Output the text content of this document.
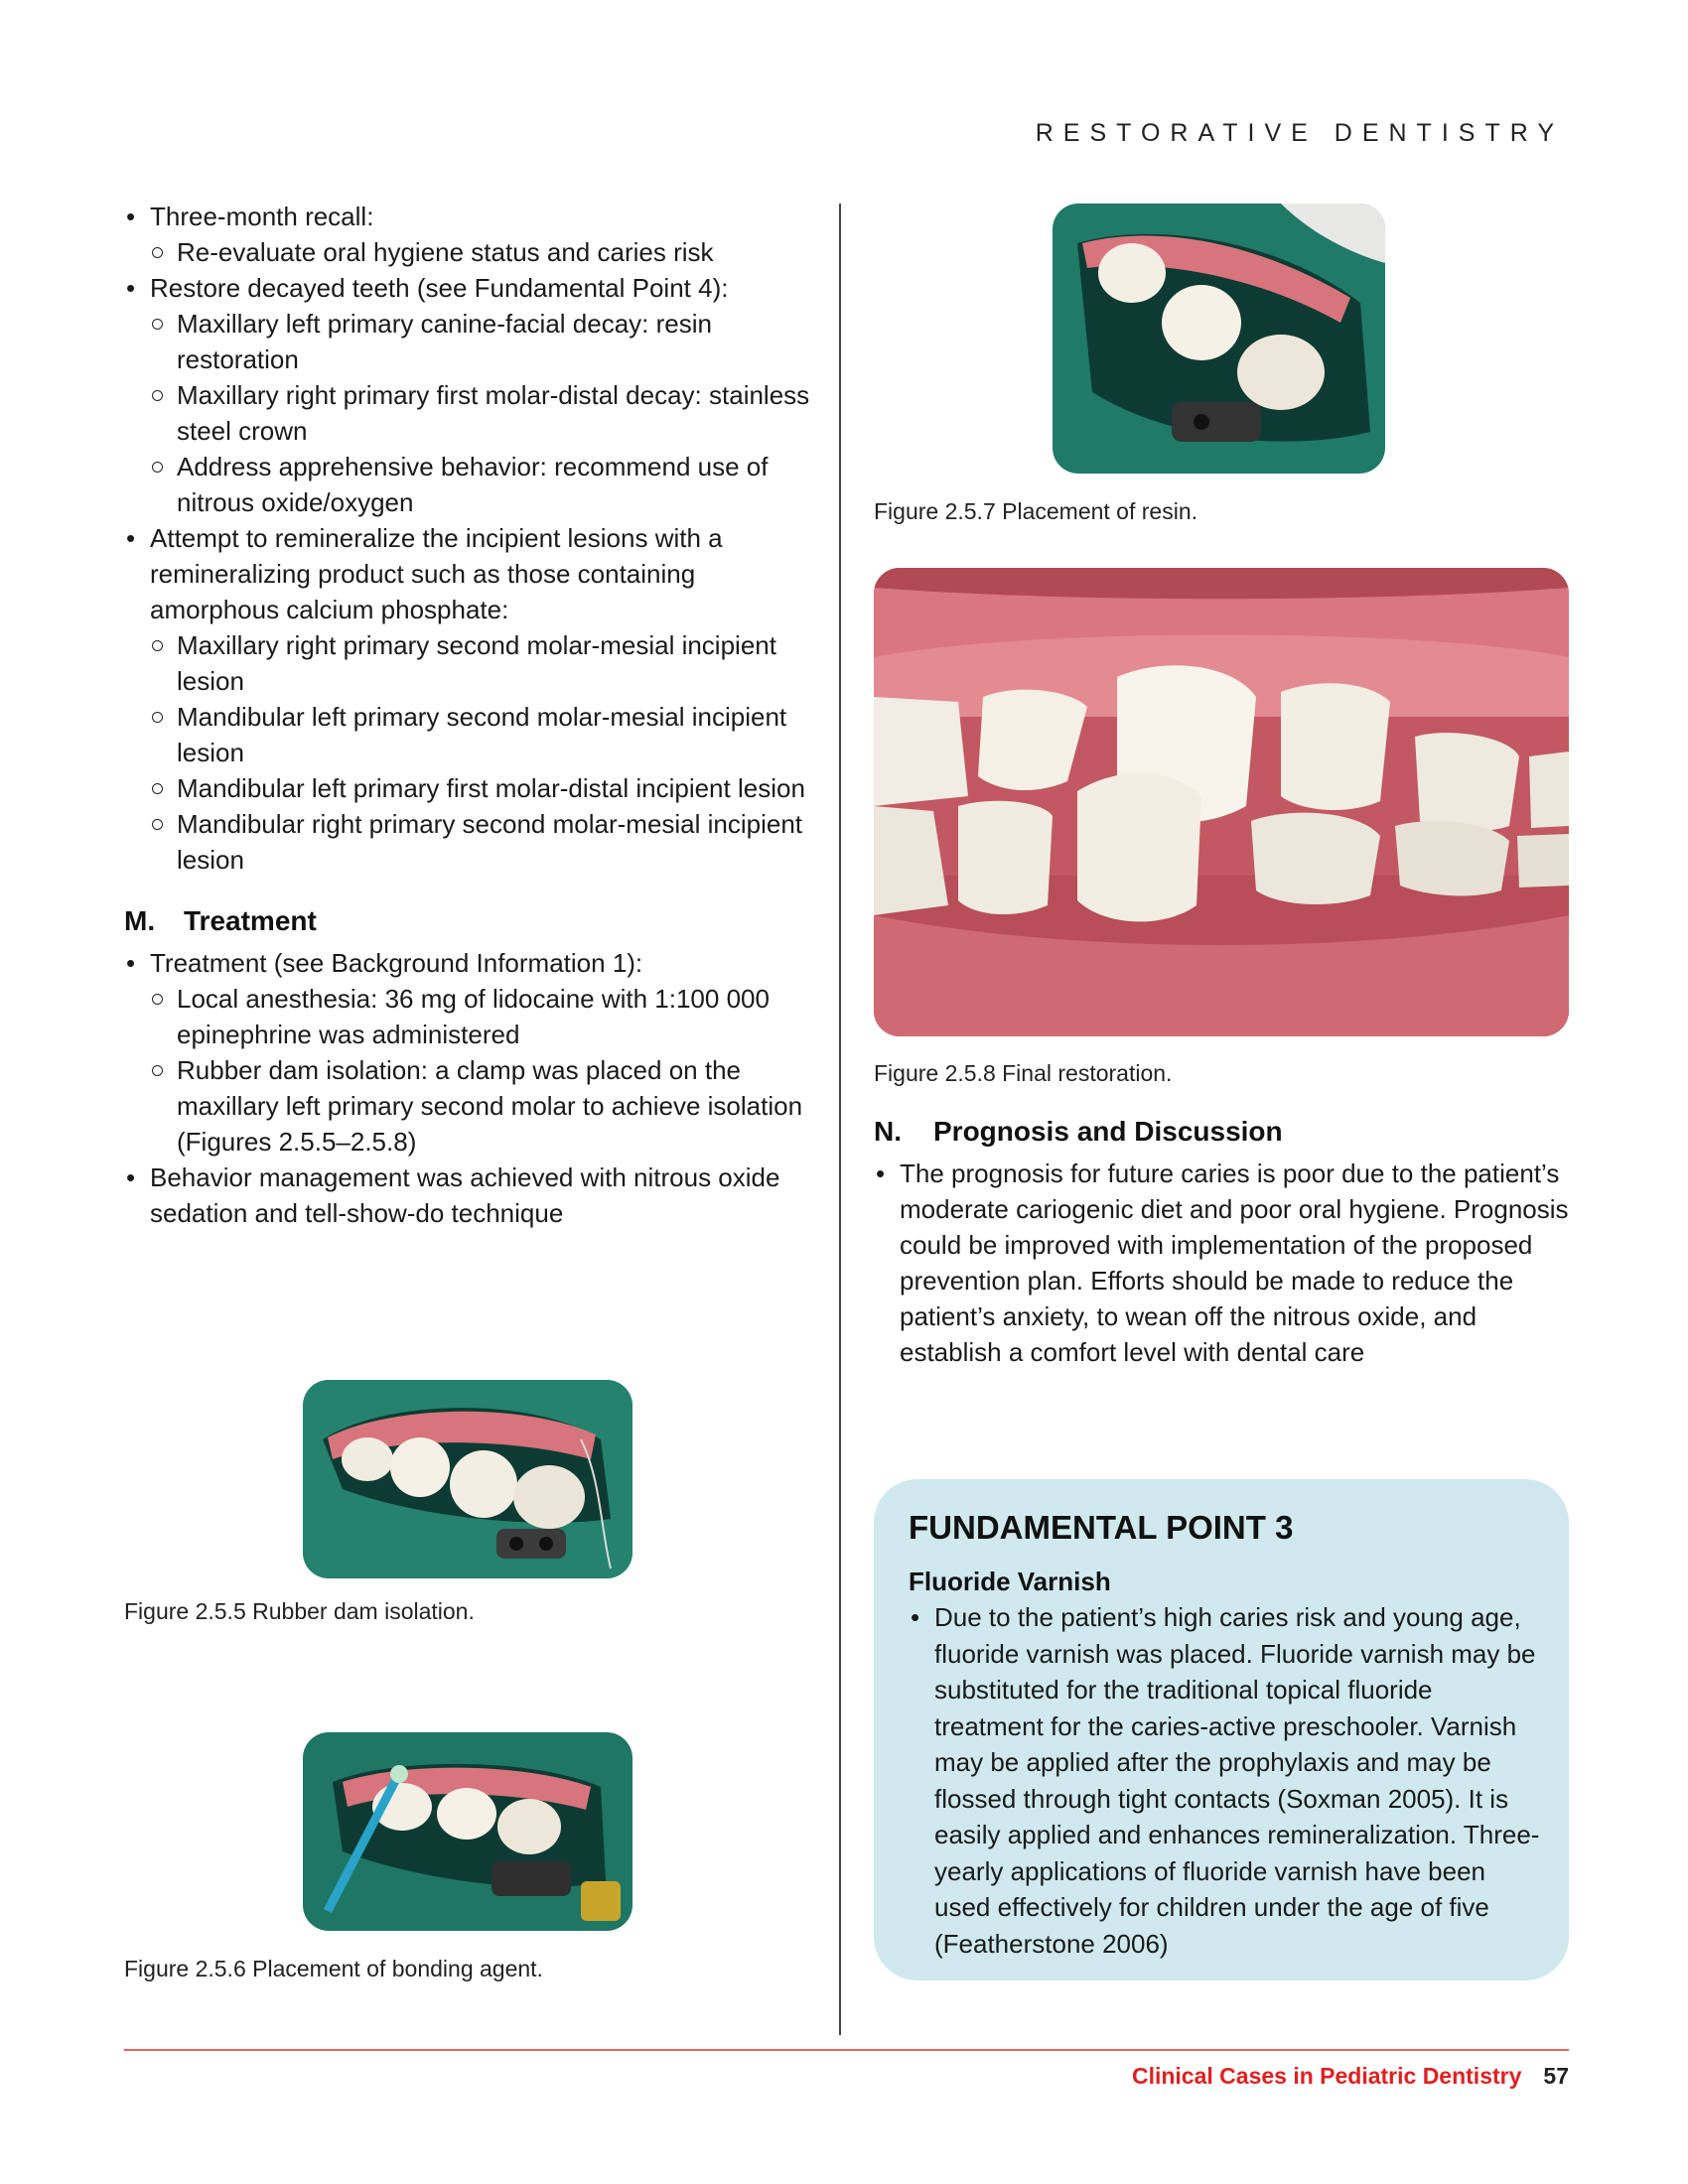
RESTORATIVE DENTISTRY
• Three-month recall:
Re-evaluate oral hygiene status and caries risk
• Restore decayed teeth (see Fundamental Point 4):
Maxillary left primary canine-facial decay: resin restoration
Maxillary right primary first molar-distal decay: stainless steel crown
Address apprehensive behavior: recommend use of nitrous oxide/oxygen
• Attempt to remineralize the incipient lesions with a remineralizing product such as those containing amorphous calcium phosphate:
Maxillary right primary second molar-mesial incipient lesion
Mandibular left primary second molar-mesial incipient lesion
Mandibular left primary first molar-distal incipient lesion
Mandibular right primary second molar-mesial incipient lesion
M. Treatment
• Treatment (see Background Information 1):
Local anesthesia: 36 mg of lidocaine with 1:100 000 epinephrine was administered
Rubber dam isolation: a clamp was placed on the maxillary left primary second molar to achieve isolation (Figures 2.5.5–2.5.8)
• Behavior management was achieved with nitrous oxide sedation and tell-show-do technique
Figure 2.5.5 Rubber dam isolation.
Figure 2.5.6 Placement of bonding agent.
Figure 2.5.7 Placement of resin.
Figure 2.5.8 Final restoration.
N. Prognosis and Discussion
• The prognosis for future caries is poor due to the patient’s moderate cariogenic diet and poor oral hygiene. Prognosis could be improved with implementation of the proposed prevention plan. Efforts should be made to reduce the patient’s anxiety, to wean off the nitrous oxide, and establish a comfort level with dental care
FUNDAMENTAL POINT 3
Fluoride Varnish
• Due to the patient’s high caries risk and young age, fluoride varnish was placed. Fluoride varnish may be substituted for the traditional topical fluoride treatment for the caries-active preschooler. Varnish may be applied after the prophylaxis and may be flossed through tight contacts (Soxman 2005). It is easily applied and enhances remineralization. Three-yearly applications of fluoride varnish have been used effectively for children under the age of five (Featherstone 2006)
Clinical Cases in Pediatric Dentistry 57
